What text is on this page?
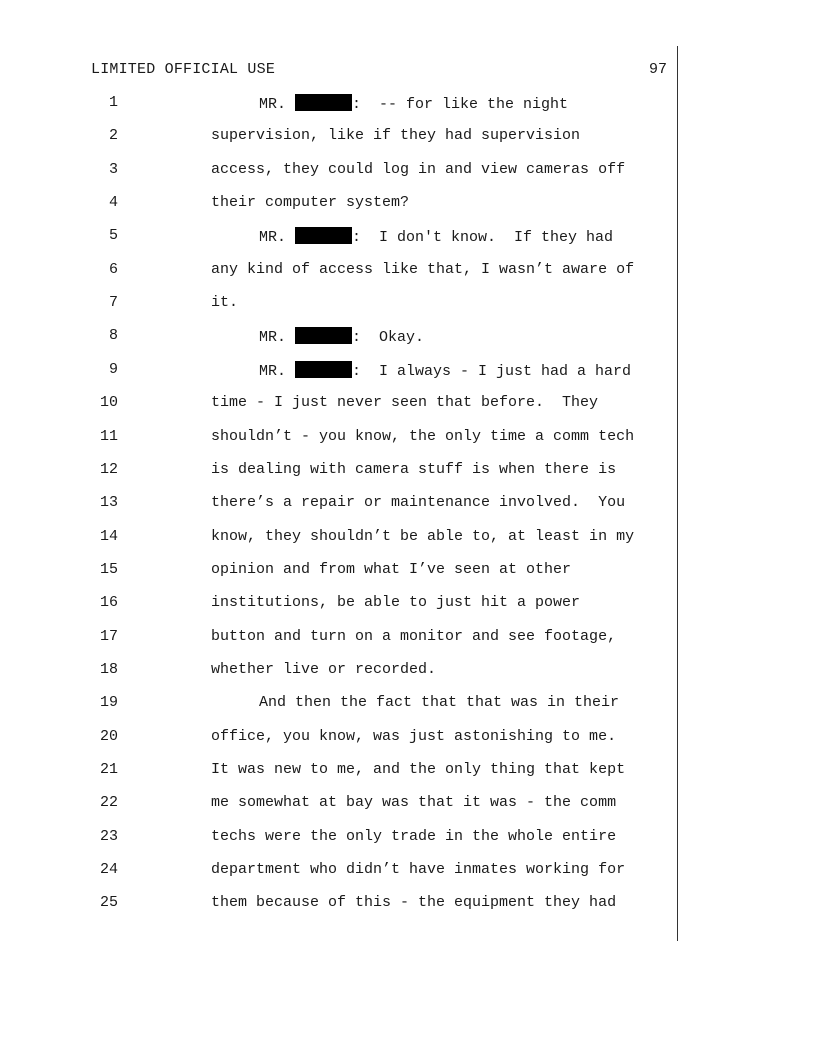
LIMITED OFFICIAL USE	97
1	MR.	:  -- for like the night
2	supervision, like if they had supervision
3	access, they could log in and view cameras off
4	their computer system?
5	MR.	:  I don't know.  If they had
6	any kind of access like that, I wasn’t aware of
7	it.
8	MR.	:  Okay.
9	MR.	:  I always - I just had a hard
10	time - I just never seen that before.  They
11	shouldn’t - you know, the only time a comm tech
12	is dealing with camera stuff is when there is
13	there’s a repair or maintenance involved.  You
14	know, they shouldn’t be able to, at least in my
15	opinion and from what I’ve seen at other
16	institutions, be able to just hit a power
17	button and turn on a monitor and see footage,
18	whether live or recorded.
19	And then the fact that that was in their
20	office, you know, was just astonishing to me.
21	It was new to me, and the only thing that kept
22	me somewhat at bay was that it was - the comm
23	techs were the only trade in the whole entire
24	department who didn’t have inmates working for
25	them because of this - the equipment they had
